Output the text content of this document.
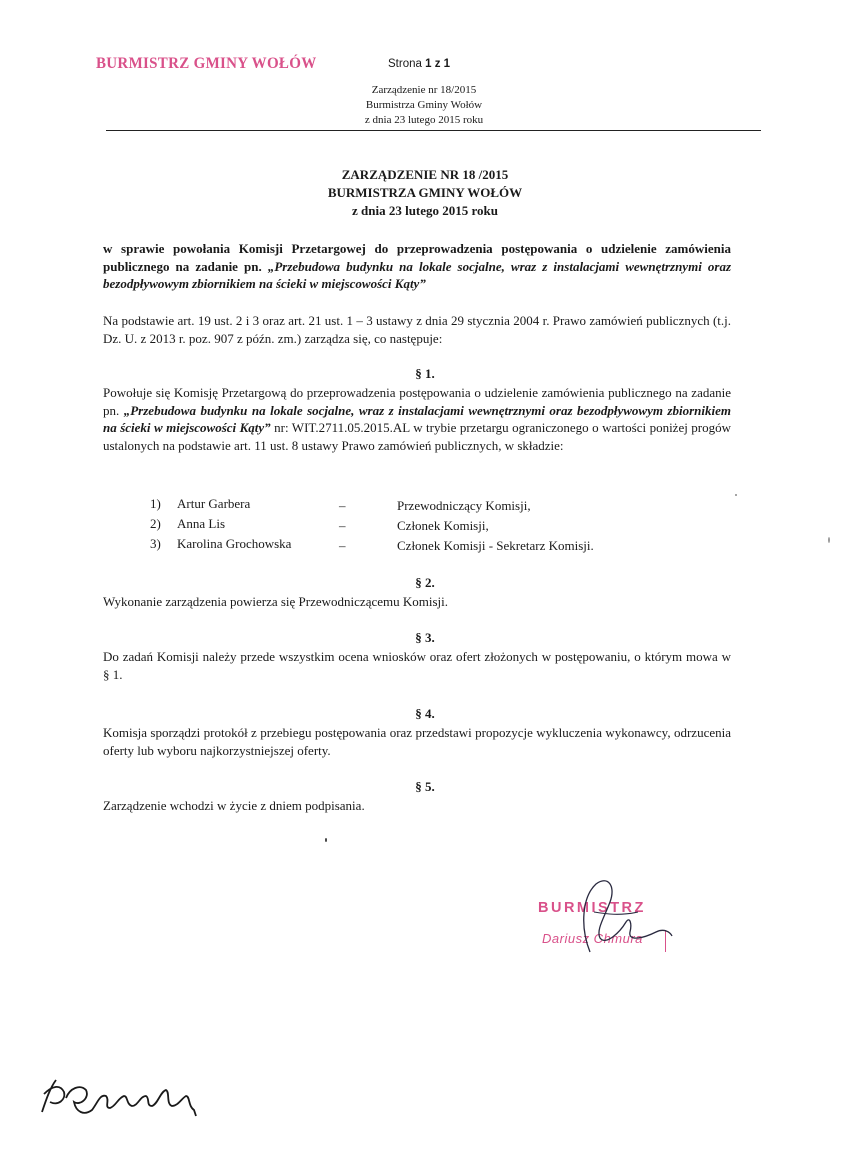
BURMISTRZ GMINY WOŁÓW	Strona 1 z 1
Zarządzenie nr 18/2015
Burmistrza Gminy Wołów
z dnia 23 lutego 2015 roku
ZARZĄDZENIE NR 18 /2015
BURMISTRZA GMINY WOŁÓW
z dnia 23 lutego 2015 roku
w sprawie powołania Komisji Przetargowej do przeprowadzenia postępowania o udzielenie zamówienia publicznego na zadanie pn. „Przebudowa budynku na lokale socjalne, wraz z instalacjami wewnętrznymi oraz bezodpływowym zbiornikiem na ścieki w miejscowości Kąty”
Na podstawie art. 19 ust. 2 i 3 oraz art. 21 ust. 1 – 3 ustawy z dnia 29 stycznia 2004 r. Prawo zamówień publicznych (t.j. Dz. U. z 2013 r. poz. 907 z późn. zm.) zarządza się, co następuje:
§ 1.
Powołuje się Komisję Przetargową do przeprowadzenia postępowania o udzielenie zamówienia publicznego na zadanie pn. „Przebudowa budynku na lokale socjalne, wraz z instalacjami wewnętrznymi oraz bezodpływowym zbiornikiem na ścieki w miejscowości Kąty” nr: WIT.2711.05.2015.AL w trybie przetargu ograniczonego o wartości poniżej progów ustalonych na podstawie art. 11 ust. 8 ustawy Prawo zamówień publicznych, w składzie:
1) Artur Garbera	–	Przewodniczący Komisji,
2) Anna Lis	–	Członek Komisji,
3) Karolina Grochowska	–	Członek Komisji - Sekretarz Komisji.
§ 2.
Wykonanie zarządzenia powierza się Przewodniczącemu Komisji.
§ 3.
Do zadań Komisji należy przede wszystkim ocena wniosków oraz ofert złożonych w postępowaniu, o którym mowa w § 1.
§ 4.
Komisja sporządzi protokół z przebiegu postępowania oraz przedstawi propozycje wykluczenia wykonawcy, odrzucenia oferty lub wyboru najkorzystniejszej oferty.
§ 5.
Zarządzenie wchodzi w życie z dniem podpisania.
BURMISTRZ
Dariusz Chmura
